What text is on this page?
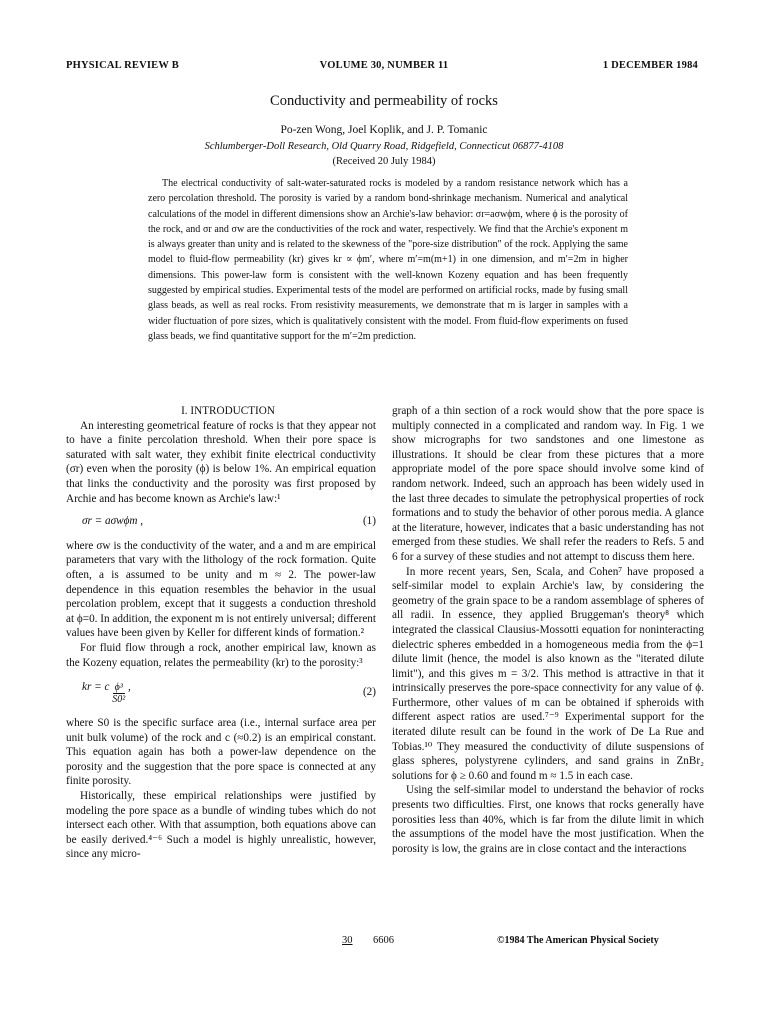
PHYSICAL REVIEW B	VOLUME 30, NUMBER 11	1 DECEMBER 1984
Conductivity and permeability of rocks
Po-zen Wong, Joel Koplik, and J. P. Tomanic
Schlumberger-Doll Research, Old Quarry Road, Ridgefield, Connecticut 06877-4108
(Received 20 July 1984)

The electrical conductivity of salt-water-saturated rocks is modeled by a random resistance network which has a zero percolation threshold. The porosity is varied by a random bond-shrinkage mechanism. Numerical and analytical calculations of the model in different dimensions show an Archie's-law behavior: σr=aσwϕm, where ϕ is the porosity of the rock, and σr and σw are the conductivities of the rock and water, respectively. We find that the Archie's exponent m is always greater than unity and is related to the skewness of the "pore-size distribution" of the rock. Applying the same model to fluid-flow permeability (kr) gives kr ∝ ϕm′, where m′=m(m+1) in one dimension, and m′=2m in higher dimensions. This power-law form is consistent with the well-known Kozeny equation and has been frequently suggested by empirical studies. Experimental tests of the model are performed on artificial rocks, made by fusing small glass beads, as well as real rocks. From resistivity measurements, we demonstrate that m is larger in samples with a wider fluctuation of pore sizes, which is qualitatively consistent with the model. From fluid-flow experiments on fused glass beads, we find quantitative support for the m′=2m prediction.

I. INTRODUCTION

An interesting geometrical feature of rocks is that they appear not to have a finite percolation threshold. When their pore space is saturated with salt water, they exhibit finite electrical conductivity (σr) even when the porosity (ϕ) is below 1%. An empirical equation that links the conductivity and the porosity was first proposed by Archie and has become known as Archie's law:¹

σr = aσwϕm ,	(1)

where σw is the conductivity of the water, and a and m are empirical parameters that vary with the lithology of the rock formation. Quite often, a is assumed to be unity and m ≈ 2. The power-law dependence in this equation resembles the behavior in the usual percolation problem, except that it suggests a conduction threshold at ϕ=0. In addition, the exponent m is not entirely universal; different values have been given by Keller for different kinds of formation.²

For fluid flow through a rock, another empirical law, known as the Kozeny equation, relates the permeability (kr) to the porosity:³

kr = c $\frac{\text{ϕ³}}{\text{S0²}}$ ,	(2)

where S0 is the specific surface area (i.e., internal surface area per unit bulk volume) of the rock and c (≈0.2) is an empirical constant. This equation again has both a power-law dependence on the porosity and the suggestion that the pore space is connected at any finite porosity.

Historically, these empirical relationships were justified by modeling the pore space as a bundle of winding tubes which do not intersect each other. With that assumption, both equations above can be easily derived.⁴⁻⁶ Such a model is highly unrealistic, however, since any micro-

graph of a thin section of a rock would show that the pore space is multiply connected in a complicated and random way. In Fig. 1 we show micrographs for two sandstones and one limestone as illustrations. It should be clear from these pictures that a more appropriate model of the pore space should involve some kind of random network. Indeed, such an approach has been widely used in the last three decades to simulate the petrophysical properties of rock formations and to study the behavior of other porous media. A glance at the literature, however, indicates that a basic understanding has not emerged from these studies. We shall refer the readers to Refs. 5 and 6 for a survey of these studies and not attempt to discuss them here.

In more recent years, Sen, Scala, and Cohen⁷ have proposed a self-similar model to explain Archie's law, by considering the geometry of the grain space to be a random assemblage of spheres of all radii. In essence, they applied Bruggeman's theory⁸ which integrated the classical Clausius-Mossotti equation for noninteracting dielectric spheres embedded in a homogeneous media from the ϕ=1 dilute limit (hence, the model is also known as the "iterated dilute limit"), and this gives m = 3/2. This method is attractive in that it intrinsically preserves the pore-space connectivity for any value of ϕ. Furthermore, other values of m can be obtained if spheroids with different aspect ratios are used.⁷⁻⁹ Experimental support for the iterated dilute result can be found in the work of De La Rue and Tobias.¹⁰ They measured the conductivity of dilute suspensions of glass spheres, polystyrene cylinders, and sand grains in ZnBr₂ solutions for ϕ ≥ 0.60 and found m ≈ 1.5 in each case.

Using the self-similar model to understand the behavior of rocks presents two difficulties. First, one knows that rocks generally have porosities less than 40%, which is far from the dilute limit in which the assumptions of the model have the most justification. When the porosity is low, the grains are in close contact and the interactions

30 6606	©1984 The American Physical Society
